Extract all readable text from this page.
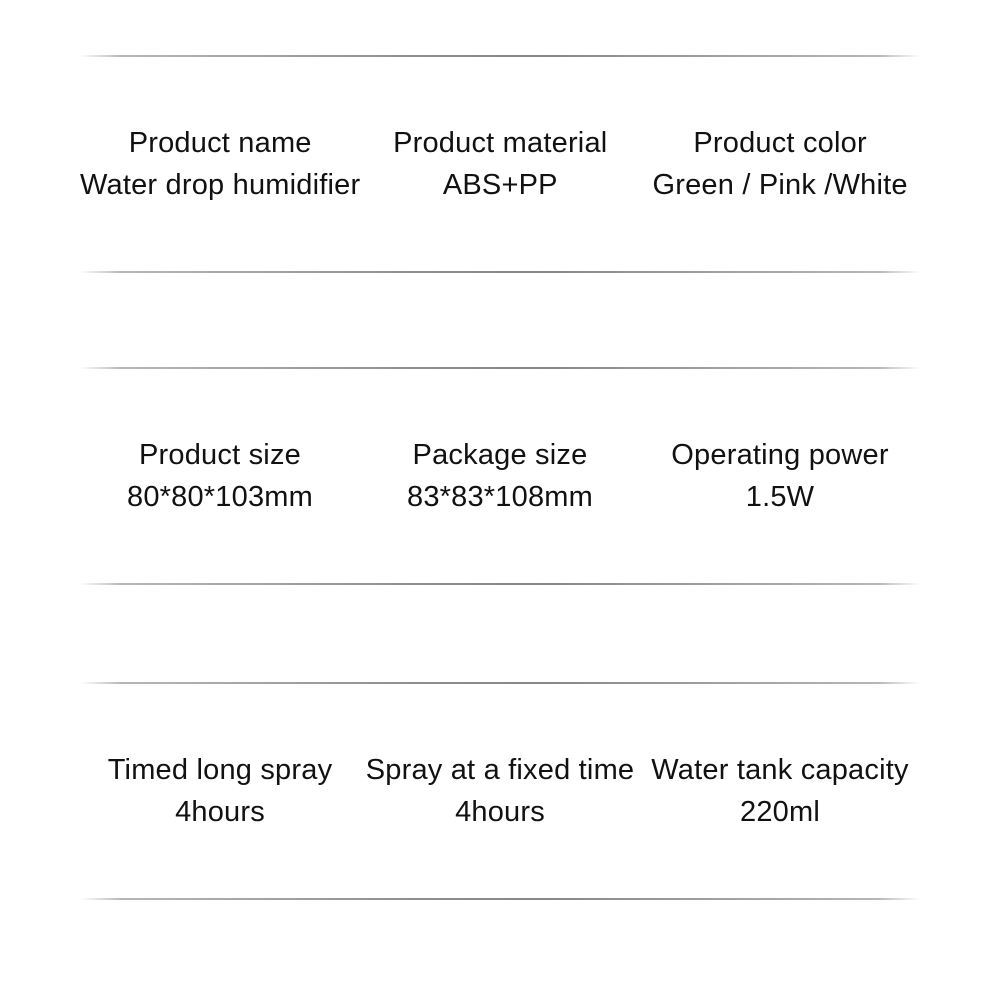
Product name
Water drop humidifier
Product material
ABS+PP
Product color
Green / Pink /White
Product size
80*80*103mm
Package size
83*83*108mm
Operating power
1.5W
Timed long spray
4hours
Spray at a fixed time
4hours
Water tank capacity
220ml
